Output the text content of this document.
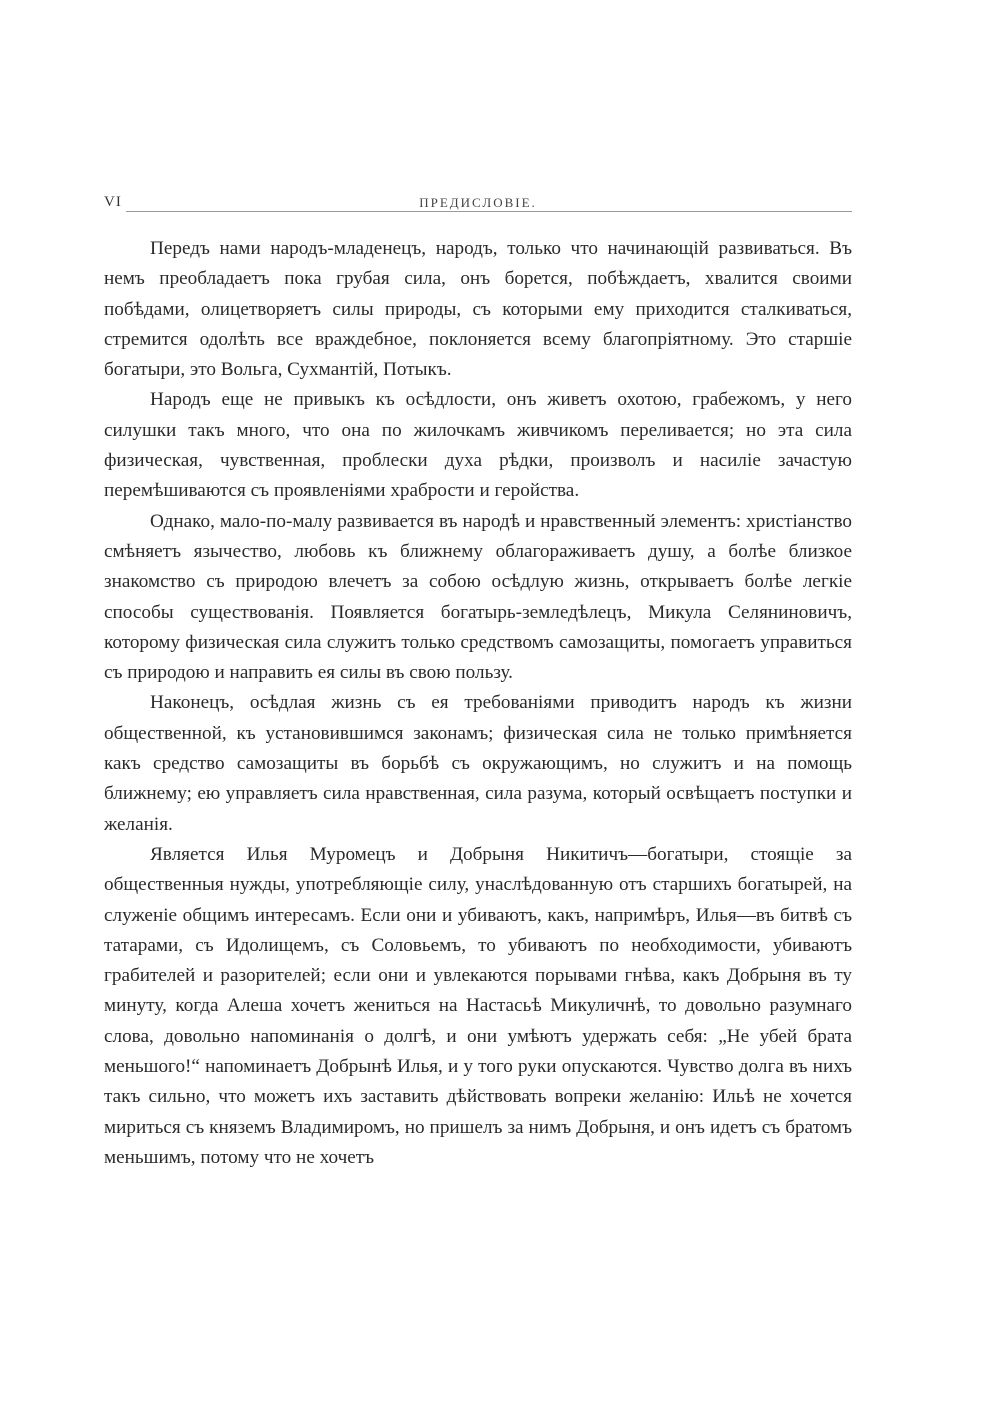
VI	ПРЕДИСЛОВІЕ.

Передъ нами народъ-младенецъ, народъ, только что начинающій развиваться. Въ немъ преобладаетъ пока грубая сила, онъ борется, побѣждаетъ, хвалится своими побѣдами, олицетворяетъ силы природы, съ которыми ему приходится сталкиваться, стремится одолѣть все враждебное, поклоняется всему благопріятному. Это старшіе богатыри, это Вольга, Сухмантій, Потыкъ.

Народъ еще не привыкъ къ осѣдлости, онъ живетъ охотою, грабежомъ, у него силушки такъ много, что она по жилочкамъ живчикомъ переливается; но эта сила физическая, чувственная, проблески духа рѣдки, произволъ и насиліе зачастую перемѣшиваются съ проявленіями храбрости и геройства.

Однако, мало-по-малу развивается въ народѣ и нравственный элементъ: христіанство смѣняетъ язычество, любовь къ ближнему облагораживаетъ душу, а болѣе близкое знакомство съ природою влечетъ за собою осѣдлую жизнь, открываетъ болѣе легкіе способы существованія. Появляется богатырь-земледѣлецъ, Микула Селяниновичъ, которому физическая сила служитъ только средствомъ самозащиты, помогаетъ управиться съ природою и направить ея силы въ свою пользу.

Наконецъ, осѣдлая жизнь съ ея требованіями приводитъ народъ къ жизни общественной, къ установившимся законамъ; физическая сила не только примѣняется какъ средство самозащиты въ борьбѣ съ окружающимъ, но служитъ и на помощь ближнему; ею управляетъ сила нравственная, сила разума, который освѣщаетъ поступки и желанія.

Является Илья Муромецъ и Добрыня Никитичъ—богатыри, стоящіе за общественныя нужды, употребляющіе силу, унаслѣдованную отъ старшихъ богатырей, на служеніе общимъ интересамъ. Если они и убиваютъ, какъ, напримѣръ, Илья—въ битвѣ съ татарами, съ Идолищемъ, съ Соловьемъ, то убиваютъ по необходимости, убиваютъ грабителей и разорителей; если они и увлекаются порывами гнѣва, какъ Добрыня въ ту минуту, когда Алеша хочетъ жениться на Настасьѣ Микуличнѣ, то довольно разумнаго слова, довольно напоминанія о долгѣ, и они умѣютъ удержать себя: „Не убей брата меньшого!“ напоминаетъ Добрынѣ Илья, и у того руки опускаются. Чувство долга въ нихъ такъ сильно, что можетъ ихъ заставить дѣйствовать вопреки желанію: Ильѣ не хочется мириться съ княземъ Владимиромъ, но пришелъ за нимъ Добрыня, и онъ идетъ съ братомъ меньшимъ, потому что не хочетъ
